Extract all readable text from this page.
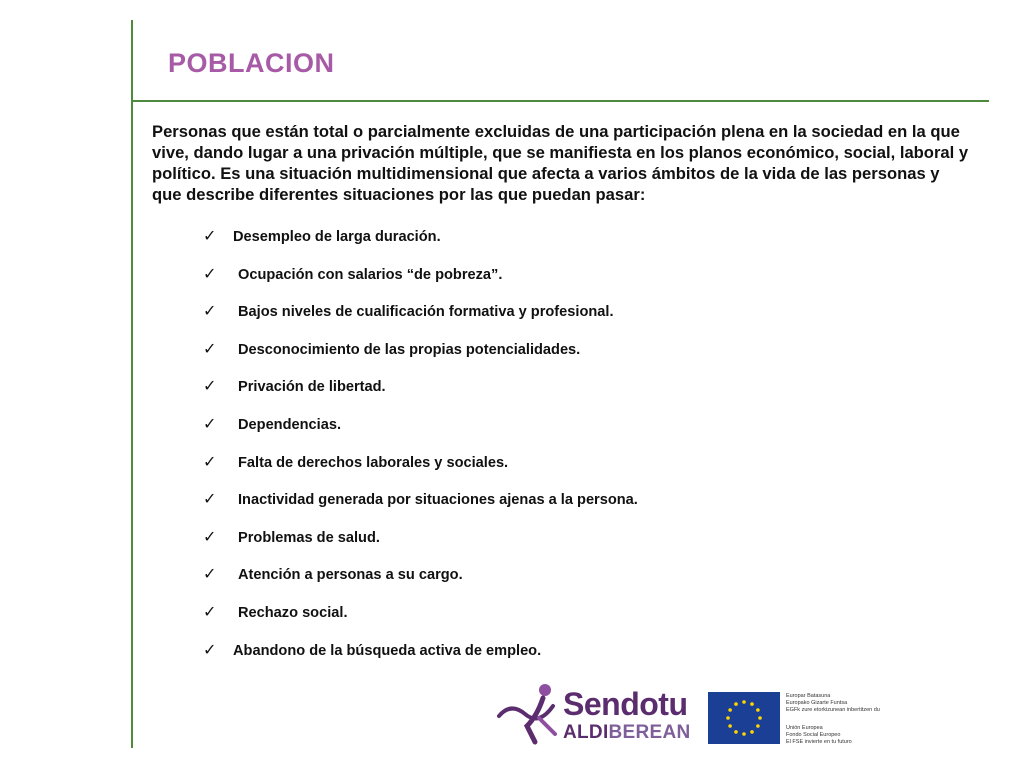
POBLACION

Personas que están total o parcialmente excluidas de una participación plena en la sociedad en la que vive, dando lugar a una privación múltiple, que se manifiesta en los planos económico, social, laboral y político. Es una situación multidimensional que afecta a varios ámbitos de la vida de las personas y que describe diferentes situaciones por las que puedan pasar:

✓ Desempleo de larga duración.
✓ Ocupación con salarios “de pobreza”.
✓ Bajos niveles de cualificación formativa y profesional.
✓ Desconocimiento de las propias potencialidades.
✓ Privación de libertad.
✓ Dependencias.
✓ Falta de derechos laborales y sociales.
✓ Inactividad generada por situaciones ajenas a la persona.
✓ Problemas de salud.
✓ Atención a personas a su cargo.
✓ Rechazo social.
✓ Abandono de la búsqueda activa de empleo.
Sendotu
ALDIBEREAN

Europar Batasuna

Europako Gizarte Funtsa

EGFk zure etorkizunean inbertitzen du

Unión Europea

Fondo Social Europeo

El FSE invierte en tu futuro
